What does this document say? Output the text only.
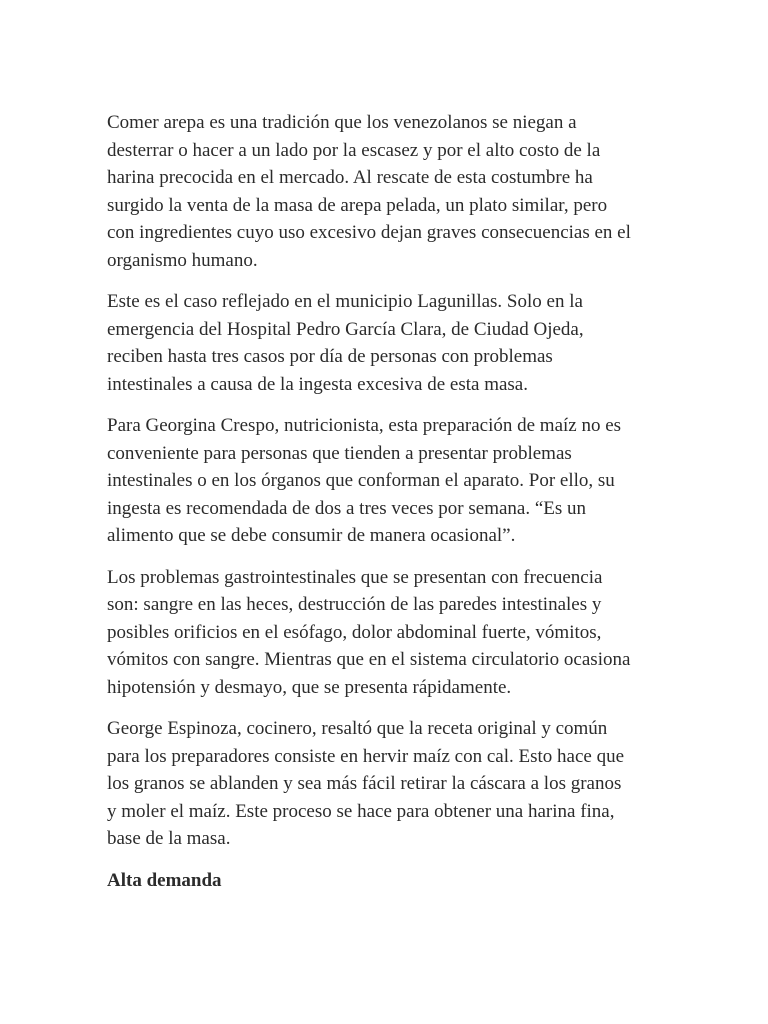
Comer arepa es una tradición que los venezolanos se niegan a
desterrar o hacer a un lado por la escasez y por el alto costo de la
harina precocida en el mercado. Al rescate de esta costumbre ha
surgido la venta de la masa de arepa pelada, un plato similar, pero
con ingredientes cuyo uso excesivo dejan graves consecuencias en el
organismo humano.

Este es el caso reflejado en el municipio Lagunillas. Solo en la
emergencia del Hospital Pedro García Clara, de Ciudad Ojeda,
reciben hasta tres casos por día de personas con problemas
intestinales a causa de la ingesta excesiva de esta masa.

Para Georgina Crespo, nutricionista, esta preparación de maíz no es
conveniente para personas que tienden a presentar problemas
intestinales o en los órganos que conforman el aparato. Por ello, su
ingesta es recomendada de dos a tres veces por semana. “Es un
alimento que se debe consumir de manera ocasional”.

Los problemas gastrointestinales que se presentan con frecuencia
son: sangre en las heces, destrucción de las paredes intestinales y
posibles orificios en el esófago, dolor abdominal fuerte, vómitos,
vómitos con sangre. Mientras que en el sistema circulatorio ocasiona
hipotensión y desmayo, que se presenta rápidamente.

George Espinoza, cocinero, resaltó que la receta original y común
para los preparadores consiste en hervir maíz con cal. Esto hace que
los granos se ablanden y sea más fácil retirar la cáscara a los granos
y moler el maíz. Este proceso se hace para obtener una harina fina,
base de la masa.

Alta demanda
